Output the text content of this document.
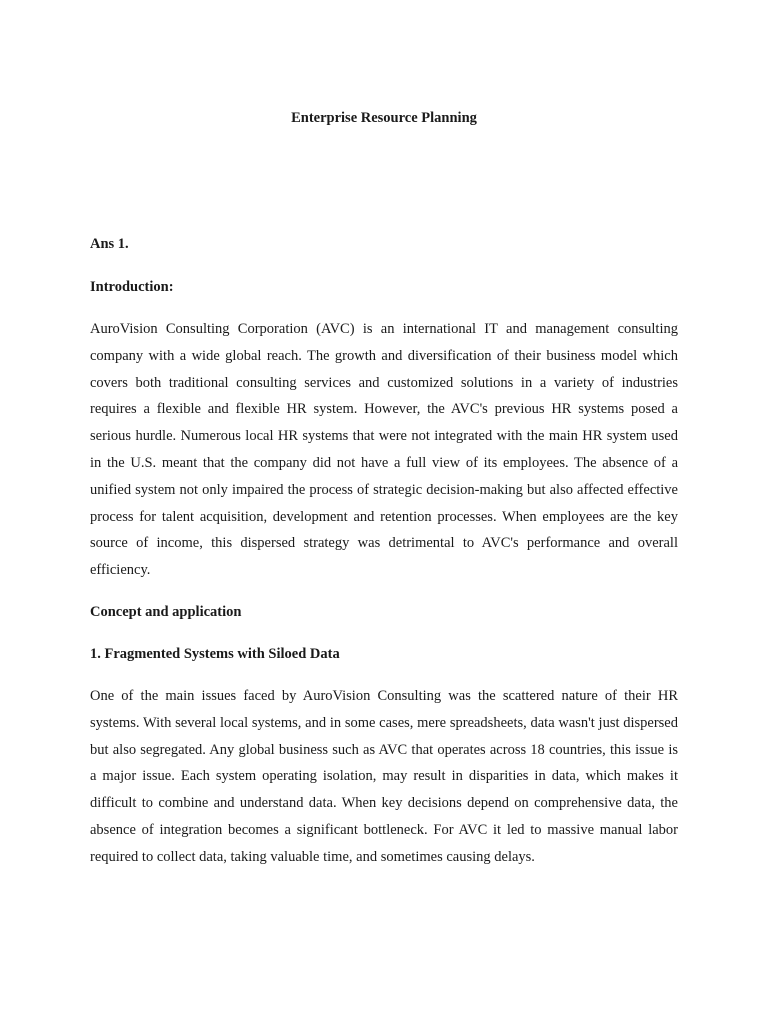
Enterprise Resource Planning
Ans 1.
Introduction:

AuroVision Consulting Corporation (AVC) is an international IT and management consulting company with a wide global reach. The growth and diversification of their business model which covers both traditional consulting services and customized solutions in a variety of industries requires a flexible and flexible HR system. However, the AVC's previous HR systems posed a serious hurdle. Numerous local HR systems that were not integrated with the main HR system used in the U.S. meant that the company did not have a full view of its employees. The absence of a unified system not only impaired the process of strategic decision-making but also affected effective process for talent acquisition, development and retention processes. When employees are the key source of income, this dispersed strategy was detrimental to AVC's performance and overall efficiency.

Concept and application
1. Fragmented Systems with Siloed Data

One of the main issues faced by AuroVision Consulting was the scattered nature of their HR systems. With several local systems, and in some cases, mere spreadsheets, data wasn't just dispersed but also segregated. Any global business such as AVC that operates across 18 countries, this issue is a major issue. Each system operating isolation, may result in disparities in data, which makes it difficult to combine and understand data. When key decisions depend on comprehensive data, the absence of integration becomes a significant bottleneck. For AVC it led to massive manual labor required to collect data, taking valuable time, and sometimes causing delays.
